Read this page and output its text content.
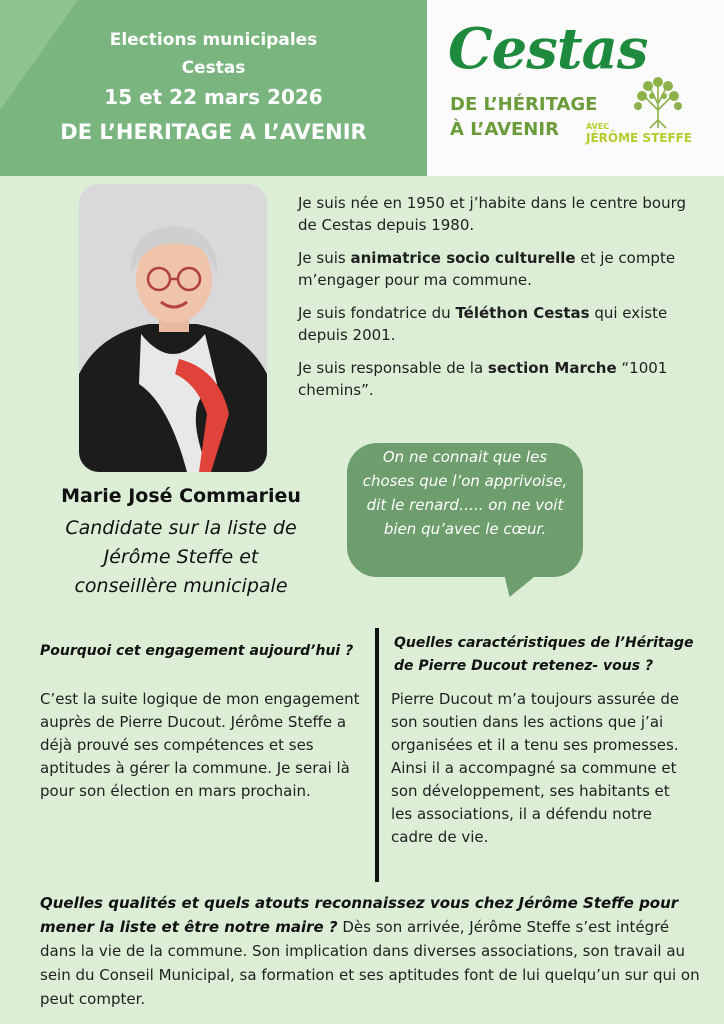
Elections municipales
Cestas
15 et 22 mars 2026
DE L’HERITAGE A L’AVENIR
Cestas
DE L’HÉRITAGE
À L’AVENIR	AVEC
JÉRÔME STEFFE
Marie José Commarieu
Candidate sur la liste de
Jérôme Steffe et
conseillère municipale

Je suis née en 1950 et j’habite dans le centre bourg de Cestas depuis 1980.

Je suis animatrice socio culturelle et je compte m’engager pour ma commune.

Je suis fondatrice du Téléthon Cestas qui existe depuis 2001.

Je suis responsable de la section Marche “1001 chemins”.

On ne connait que les choses que l’on apprivoise, dit le renard….. on ne voit bien qu’avec le cœur.
Pourquoi cet engagement aujourd’hui ?
C’est la suite logique de mon engagement auprès de Pierre Ducout. Jérôme Steffe a déjà prouvé ses compétences et ses aptitudes à gérer la commune. Je serai là pour son élection en mars prochain.
Quelles caractéristiques de l’Héritage de Pierre Ducout retenez- vous ?
Pierre Ducout m’a toujours assurée de son soutien dans les actions que j’ai organisées et il a tenu ses promesses. Ainsi il a accompagné sa commune et son développement, ses habitants et les associations, il a défendu notre cadre de vie.
Quelles qualités et quels atouts reconnaissez vous chez Jérôme Steffe pour mener la liste et être notre maire ? Dès son arrivée, Jérôme Steffe s’est intégré dans la vie de la commune. Son implication dans diverses associations, son travail au sein du Conseil Municipal, sa formation et ses aptitudes font de lui quelqu’un sur qui on peut compter.
